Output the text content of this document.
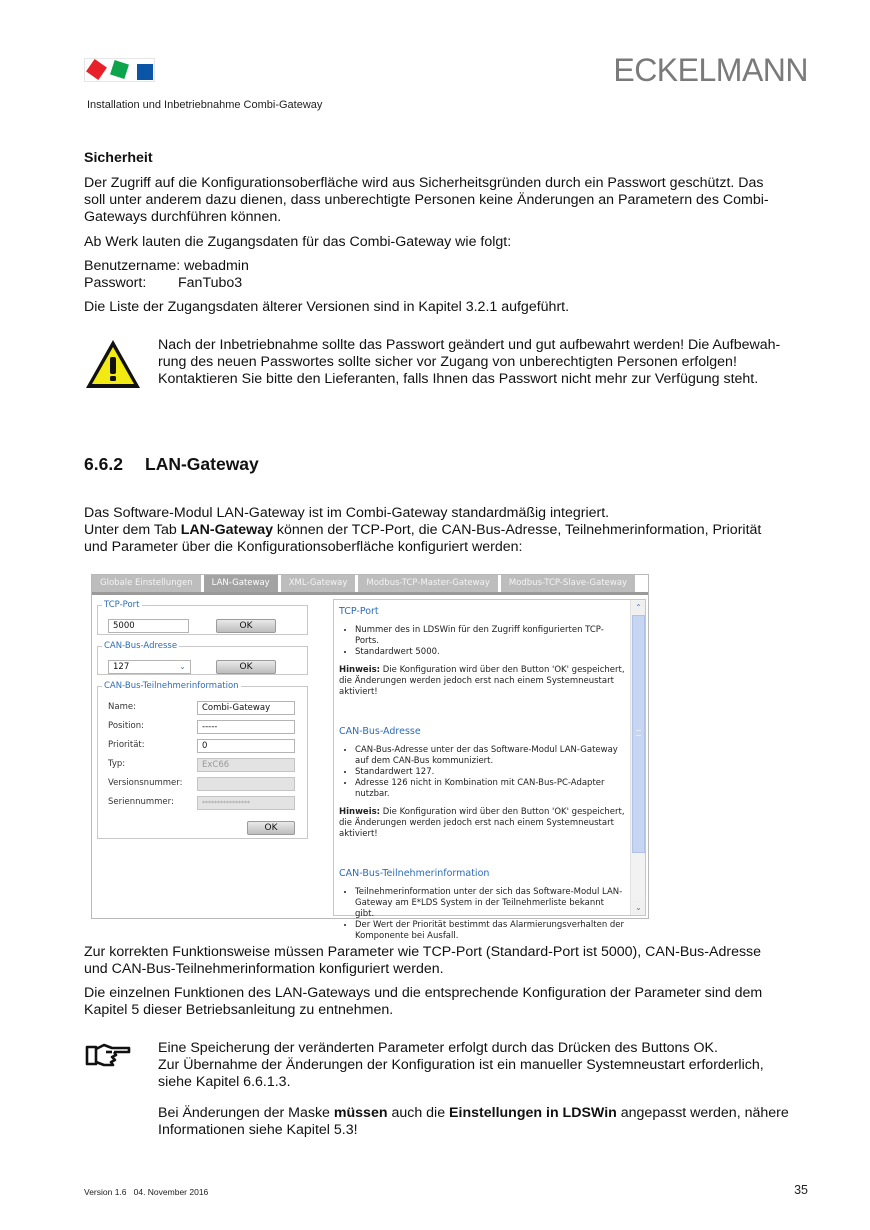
ECKELMANN
Installation und Inbetriebnahme Combi-Gateway

Sicherheit

Der Zugriff auf die Konfigurationsoberfläche wird aus Sicherheitsgründen durch ein Passwort geschützt. Das
soll unter anderem dazu dienen, dass unberechtigte Personen keine Änderungen an Parametern des Combi-
Gateways durchführen können.

Ab Werk lauten die Zugangsdaten für das Combi-Gateway wie folgt:

Benutzername: webadmin
Passwort: FanTubo3

Die Liste der Zugangsdaten älterer Versionen sind in Kapitel 3.2.1 aufgeführt.

Nach der Inbetriebnahme sollte das Passwort geändert und gut aufbewahrt werden! Die Aufbewah-
rung des neuen Passwortes sollte sicher vor Zugang von unberechtigten Personen erfolgen!
Kontaktieren Sie bitte den Lieferanten, falls Ihnen das Passwort nicht mehr zur Verfügung steht.

6.6.2 LAN-Gateway

Das Software-Modul LAN-Gateway ist im Combi-Gateway standardmäßig integriert.
Unter dem Tab LAN-Gateway können der TCP-Port, die CAN-Bus-Adresse, Teilnehmerinformation, Priorität
und Parameter über die Konfigurationsoberfläche konfiguriert werden:

Globale Einstellungen	LAN-Gateway	XML-Gateway	Modbus-TCP-Master-Gateway	Modbus-TCP-Slave-Gateway
TCP-Port
5000	OK
CAN-Bus-Adresse
127	⌄	OK
CAN-Bus-Teilnehmerinformation
Name:	Combi-Gateway
Position:	-----
Priorität:	0
Typ:	ExC66
Versionsnummer:
Seriennummer:	****************
OK
TCP-Port
• Nummer des in LDSWin für den Zugriff konfigurierten TCP-Ports.
• Standardwert 5000.
Hinweis: Die Konfiguration wird über den Button 'OK' gespeichert, die Änderungen werden jedoch erst nach einem Systemneustart aktiviert!
CAN-Bus-Adresse
• CAN-Bus-Adresse unter der das Software-Modul LAN-Gateway auf dem CAN-Bus kommuniziert.
• Standardwert 127.
• Adresse 126 nicht in Kombination mit CAN-Bus-PC-Adapter nutzbar.
Hinweis: Die Konfiguration wird über den Button 'OK' gespeichert, die Änderungen werden jedoch erst nach einem Systemneustart aktiviert!
CAN-Bus-Teilnehmerinformation
• Teilnehmerinformation unter der sich das Software-Modul LAN-Gateway am E*LDS System in der Teilnehmerliste bekannt gibt.
• Der Wert der Priorität bestimmt das Alarmierungsverhalten der Komponente bei Ausfall.
⌃
⌄

Zur korrekten Funktionsweise müssen Parameter wie TCP-Port (Standard-Port ist 5000), CAN-Bus-Adresse
und CAN-Bus-Teilnehmerinformation konfiguriert werden.

Die einzelnen Funktionen des LAN-Gateways und die entsprechende Konfiguration der Parameter sind dem
Kapitel 5 dieser Betriebsanleitung zu entnehmen.

Eine Speicherung der veränderten Parameter erfolgt durch das Drücken des Buttons OK.
Zur Übernahme der Änderungen der Konfiguration ist ein manueller Systemneustart erforderlich,
siehe Kapitel 6.6.1.3.

Bei Änderungen der Maske müssen auch die Einstellungen in LDSWin angepasst werden, nähere
Informationen siehe Kapitel 5.3!

Version 1.6   04. November 2016	35
